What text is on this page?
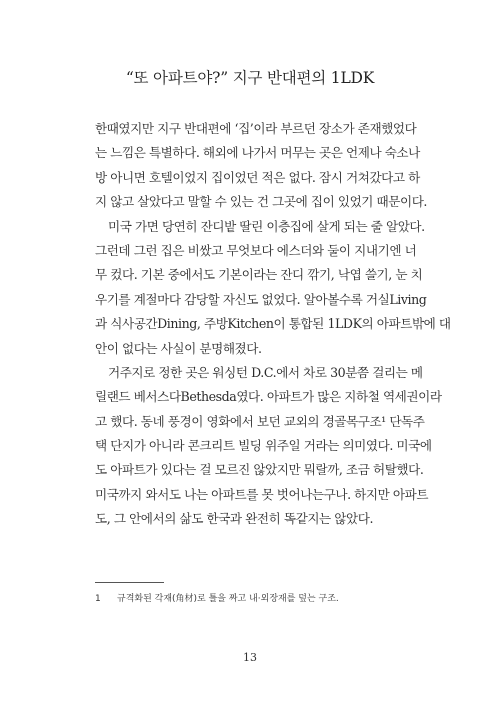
“또 아파트야?” 지구 반대편의 1LDK
한때였지만 지구 반대편에 ‘집’이라 부르던 장소가 존재했었다
는 느낌은 특별하다. 해외에 나가서 머무는 곳은 언제나 숙소나
방 아니면 호텔이었지 집이었던 적은 없다. 잠시 거쳐갔다고 하
지 않고 살았다고 말할 수 있는 건 그곳에 집이 있었기 때문이다.
미국 가면 당연히 잔디밭 딸린 이층집에 살게 되는 줄 알았다.
그런데 그런 집은 비쌌고 무엇보다 에스더와 둘이 지내기엔 너
무 컸다. 기본 중에서도 기본이라는 잔디 깎기, 낙엽 쓸기, 눈 치
우기를 계절마다 감당할 자신도 없었다. 알아볼수록 거실Living
과 식사공간Dining, 주방Kitchen이 통합된 1LDK의 아파트밖에 대
안이 없다는 사실이 분명해졌다.
거주지로 정한 곳은 워싱턴 D.C.에서 차로 30분쯤 걸리는 메
릴랜드 베서스다Bethesda였다. 아파트가 많은 지하철 역세권이라
고 했다. 동네 풍경이 영화에서 보던 교외의 경골목구조¹ 단독주
택 단지가 아니라 콘크리트 빌딩 위주일 거라는 의미였다. 미국에
도 아파트가 있다는 걸 모르진 않았지만 뭐랄까, 조금 허탈했다.
미국까지 와서도 나는 아파트를 못 벗어나는구나. 하지만 아파트
도, 그 안에서의 삶도 한국과 완전히 똑같지는 않았다.
1 규격화된 각재(角材)로 틀을 짜고 내·외장재를 덮는 구조.
13
